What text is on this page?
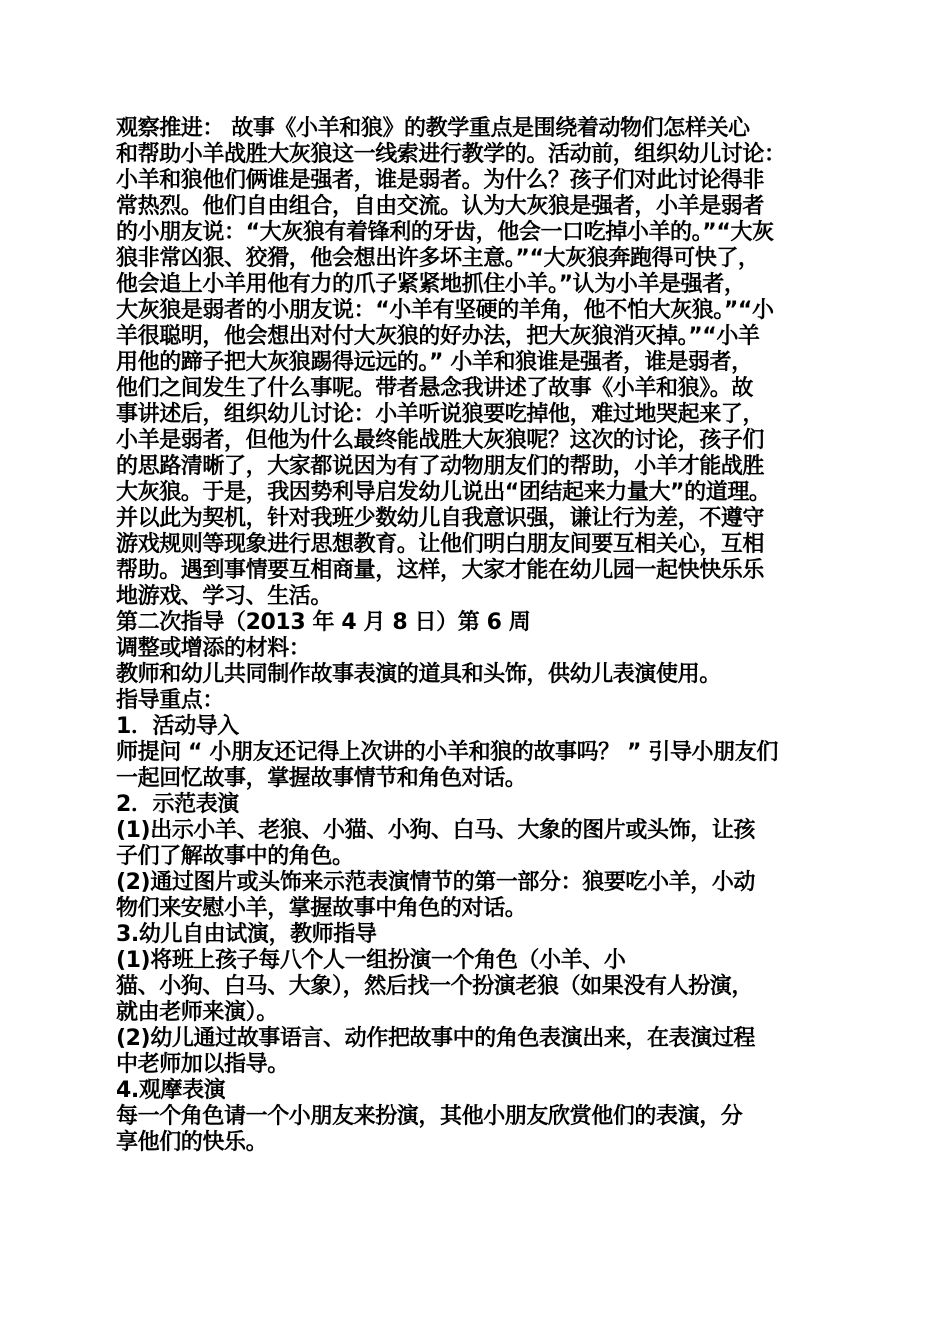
观察推进： 故事《小羊和狼》的教学重点是围绕着动物们怎样关心
和帮助小羊战胜大灰狼这一线索进行教学的。活动前，组织幼儿讨论：
小羊和狼他们俩谁是强者，谁是弱者。为什么？孩子们对此讨论得非
常热烈。他们自由组合，自由交流。认为大灰狼是强者，小羊是弱者
的小朋友说：“大灰狼有着锋利的牙齿，他会一口吃掉小羊的。”“大灰
狼非常凶狠、狡猾，他会想出许多坏主意。”“大灰狼奔跑得可快了，
他会追上小羊用他有力的爪子紧紧地抓住小羊。”认为小羊是强者，
大灰狼是弱者的小朋友说：“小羊有坚硬的羊角，他不怕大灰狼。”“小
羊很聪明，他会想出对付大灰狼的好办法，把大灰狼消灭掉。”“小羊
用他的蹄子把大灰狼踢得远远的。” 小羊和狼谁是强者，谁是弱者，
他们之间发生了什么事呢。带者悬念我讲述了故事《小羊和狼》。故
事讲述后，组织幼儿讨论：小羊听说狼要吃掉他，难过地哭起来了，
小羊是弱者，但他为什么最终能战胜大灰狼呢？这次的讨论，孩子们
的思路清晰了，大家都说因为有了动物朋友们的帮助，小羊才能战胜
大灰狼。于是，我因势利导启发幼儿说出“团结起来力量大”的道理。
并以此为契机，针对我班少数幼儿自我意识强，谦让行为差，不遵守
游戏规则等现象进行思想教育。让他们明白朋友间要互相关心，互相
帮助。遇到事情要互相商量，这样，大家才能在幼儿园一起快快乐乐
地游戏、学习、生活。
第二次指导（2013 年 4 月 8 日）第 6 周
调整或增添的材料：
教师和幼儿共同制作故事表演的道具和头饰，供幼儿表演使用。
指导重点：
1．活动导入
师提问 “ 小朋友还记得上次讲的小羊和狼的故事吗？ ” 引导小朋友们
一起回忆故事，掌握故事情节和角色对话。
2．示范表演
(1)出示小羊、老狼、小猫、小狗、白马、大象的图片或头饰，让孩
子们了解故事中的角色。
(2)通过图片或头饰来示范表演情节的第一部分：狼要吃小羊，小动
物们来安慰小羊，掌握故事中角色的对话。
3.幼儿自由试演，教师指导
(1)将班上孩子每八个人一组扮演一个角色（小羊、小
猫、小狗、白马、大象），然后找一个扮演老狼（如果没有人扮演，
就由老师来演）。
(2)幼儿通过故事语言、动作把故事中的角色表演出来，在表演过程
中老师加以指导。
4.观摩表演
每一个角色请一个小朋友来扮演，其他小朋友欣赏他们的表演，分
享他们的快乐。
